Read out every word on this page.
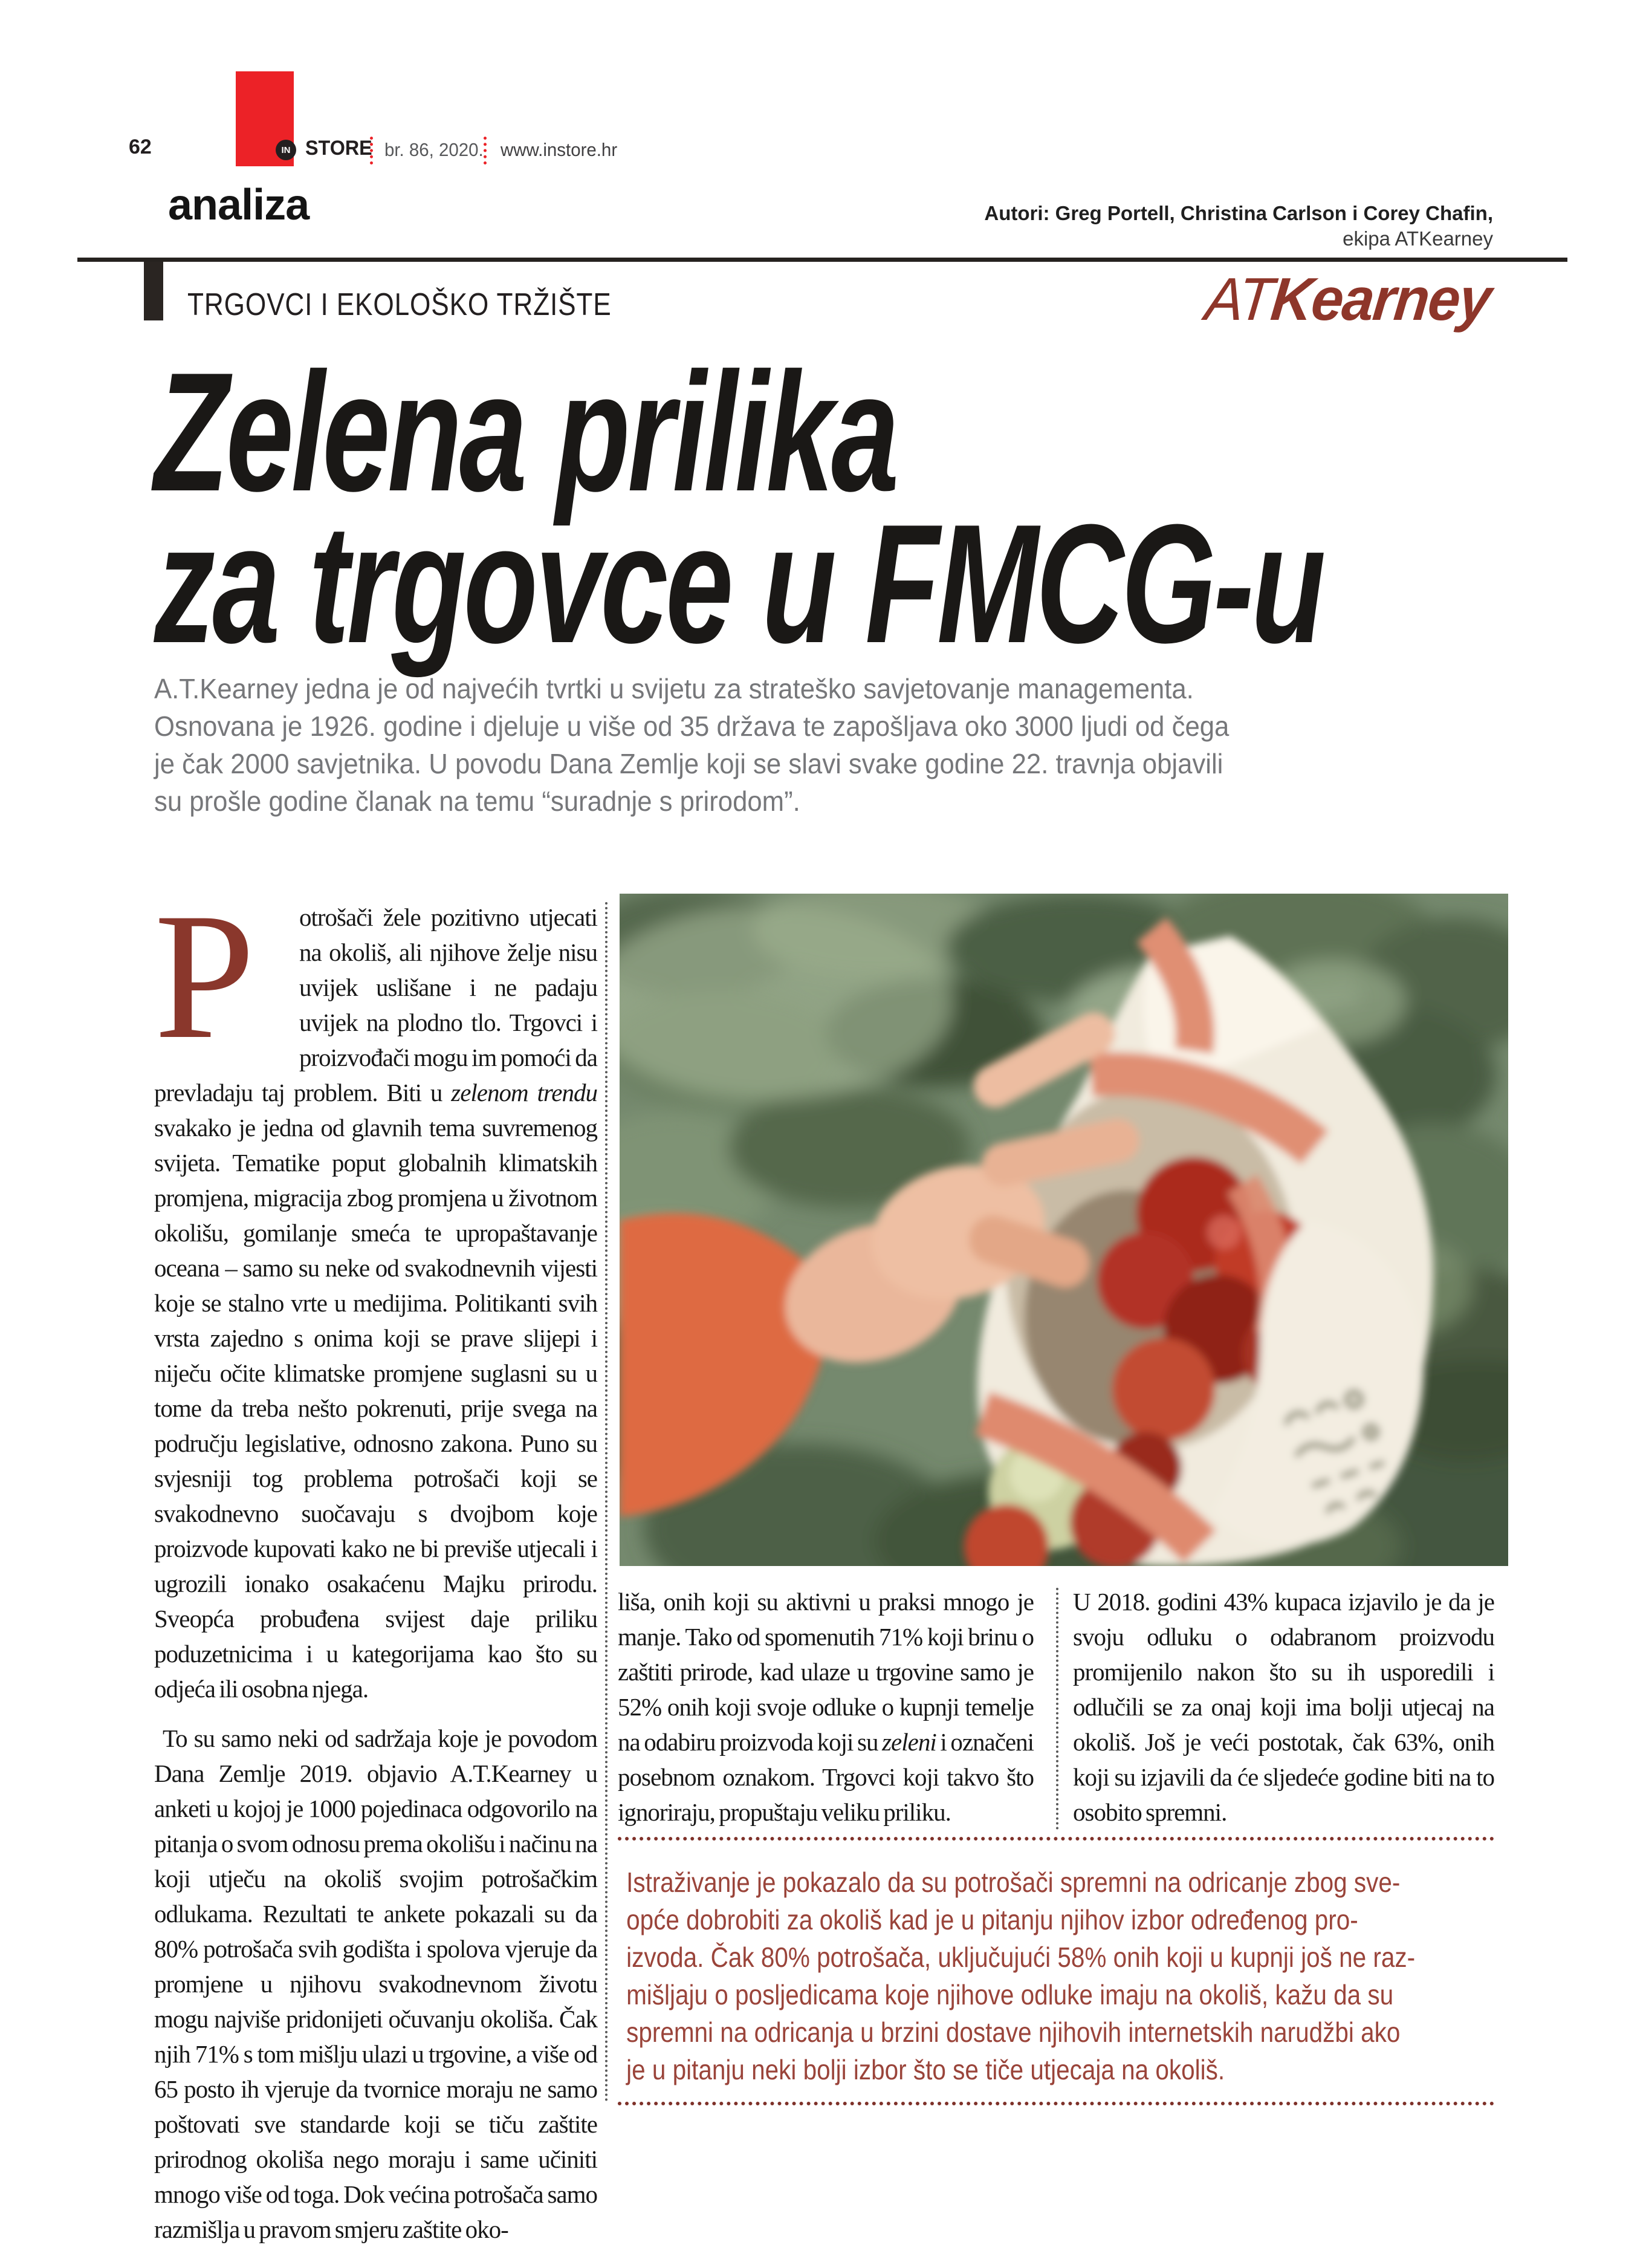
62	IN STORE br. 86, 2020. www.instore.hr
analiza	Autori: Greg Portell, Christina Carlson i Corey Chafin,
ekipa ATKearney
TRGOVCI I EKOLOŠKO TRŽIŠTE	ATKearney
Zelena prilika
za trgovce u FMCG-u
A.T.Kearney jedna je od najvećih tvrtki u svijetu za strateško savjetovanje managementa.
Osnovana je 1926. godine i djeluje u više od 35 država te zapošljava oko 3000 ljudi od čega
je čak 2000 savjetnika. U povodu Dana Zemlje koji se slavi svake godine 22. travnja objavili
su prošle godine članak na temu “suradnje s prirodom”.

P	otrošači žele pozitivno utjecati na okoliš, ali njihove želje nisu uvijek uslišane i ne padaju uvijek na plodno tlo. Trgovci i proizvođači mogu im pomoći da prevladaju taj problem. Biti u zelenom trendu svakako je jedna od glavnih tema suvremenog svijeta. Tematike poput globalnih klimatskih promjena, migracija zbog promjena u životnom okolišu, gomilanje smeća te upropaštavanje oceana – samo su neke od svakodnevnih vijesti koje se stalno vrte u medijima. Politikanti svih vrsta zajedno s onima koji se prave slijepi i niječu očite klimatske promjene suglasni su u tome da treba nešto pokrenuti, prije svega na području legislative, odnosno zakona. Puno su svjesniji tog problema potrošači koji se svakodnevno suočavaju s dvojbom koje proizvode kupovati kako ne bi previše utjecali i ugrozili ionako osakaćenu Majku prirodu. Sveopća probuđena svijest daje priliku poduzetnicima i u kategorijama kao što su odjeća ili osobna njega.

To su samo neki od sadržaja koje je povodom Dana Zemlje 2019. objavio A.T.Kearney u anketi u kojoj je 1000 pojedinaca odgovorilo na pitanja o svom odnosu prema okolišu i načinu na koji utječu na okoliš svojim potrošačkim odlukama. Rezultati te ankete pokazali su da 80% potrošača svih godišta i spolova vjeruje da promjene u njihovu svakodnevnom životu mogu najviše pridonijeti očuvanju okoliša. Čak njih 71% s tom mišlju ulazi u trgovine, a više od 65 posto ih vjeruje da tvornice moraju ne samo poštovati sve standarde koji se tiču zaštite prirodnog okoliša nego moraju i same učiniti mnogo više od toga. Dok većina potrošača samo razmišlja u pravom smjeru zaštite oko-

liša, onih koji su aktivni u praksi mnogo je manje. Tako od spomenutih 71% koji brinu o zaštiti prirode, kad ulaze u trgovine samo je 52% onih koji svoje odluke o kupnji temelje na odabiru proizvoda koji su zeleni i označeni posebnom oznakom. Trgovci koji takvo što ignoriraju, propuštaju veliku priliku.

U 2018. godini 43% kupaca izjavilo je da je svoju odluku o odabranom proizvodu promijenilo nakon što su ih usporedili i odlučili se za onaj koji ima bolji utjecaj na okoliš. Još je veći postotak, čak 63%, onih koji su izjavili da će sljedeće godine biti na to osobito spremni.

Istraživanje je pokazalo da su potrošači spremni na odricanje zbog sve-
opće dobrobiti za okoliš kad je u pitanju njihov izbor određenog pro-
izvoda. Čak 80% potrošača, uključujući 58% onih koji u kupnji još ne raz-
mišljaju o posljedicama koje njihove odluke imaju na okoliš, kažu da su
spremni na odricanja u brzini dostave njihovih internetskih narudžbi ako
je u pitanju neki bolji izbor što se tiče utjecaja na okoliš.
